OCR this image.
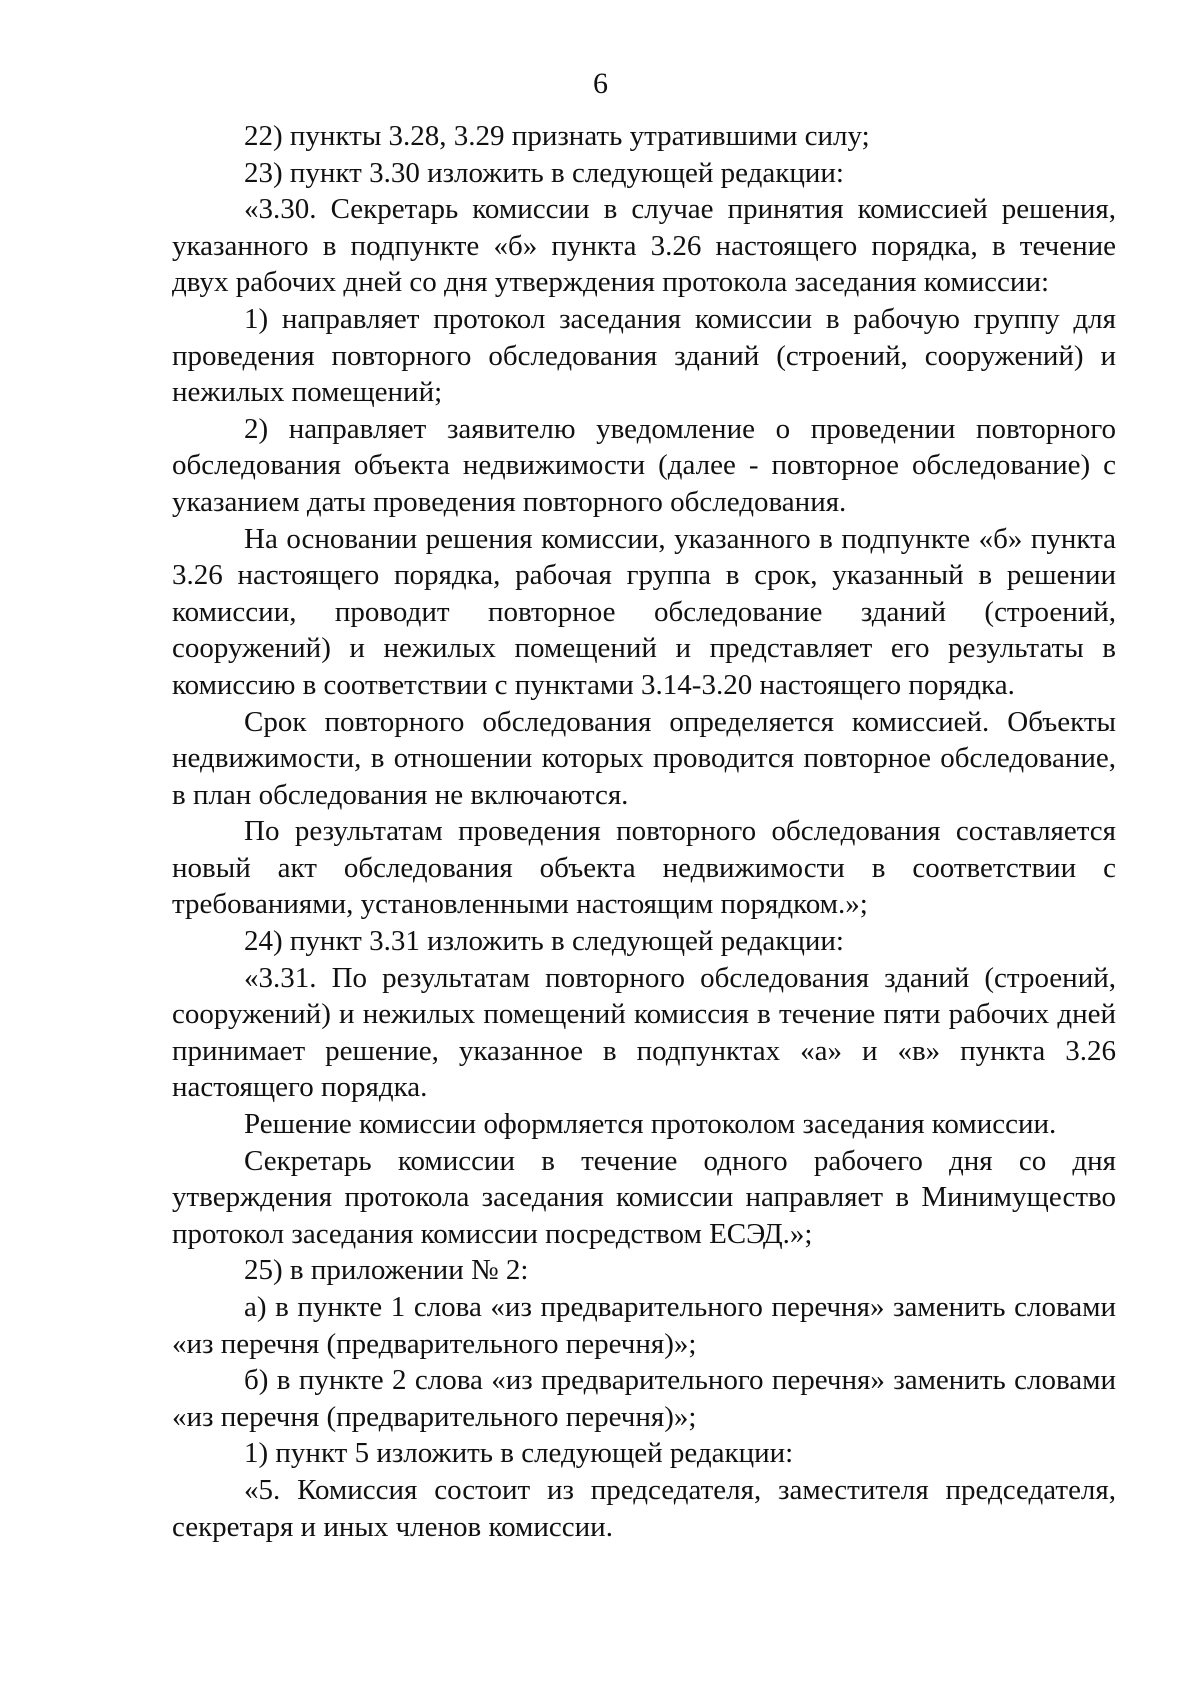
6

22) пункты 3.28, 3.29 признать утратившими силу;

23) пункт 3.30 изложить в следующей редакции:

«3.30. Секретарь комиссии в случае принятия комиссией решения, указанного в подпункте «б» пункта 3.26 настоящего порядка, в течение двух рабочих дней со дня утверждения протокола заседания комиссии:

1) направляет протокол заседания комиссии в рабочую группу для проведения повторного обследования зданий (строений, сооружений) и нежилых помещений;

2) направляет заявителю уведомление о проведении повторного обследования объекта недвижимости (далее - повторное обследование) с указанием даты проведения повторного обследования.

На основании решения комиссии, указанного в подпункте «б» пункта 3.26 настоящего порядка, рабочая группа в срок, указанный в решении комиссии, проводит повторное обследование зданий (строений, сооружений) и нежилых помещений и представляет его результаты в комиссию в соответствии с пунктами 3.14-3.20 настоящего порядка.

Срок повторного обследования определяется комиссией. Объекты недвижимости, в отношении которых проводится повторное обследование, в план обследования не включаются.

По результатам проведения повторного обследования составляется новый акт обследования объекта недвижимости в соответствии с требованиями, установленными настоящим порядком.»;

24) пункт 3.31 изложить в следующей редакции:

«3.31. По результатам повторного обследования зданий (строений, сооружений) и нежилых помещений комиссия в течение пяти рабочих дней принимает решение, указанное в подпунктах «а» и «в» пункта 3.26 настоящего порядка.

Решение комиссии оформляется протоколом заседания комиссии.

Секретарь комиссии в течение одного рабочего дня со дня утверждения протокола заседания комиссии направляет в Минимущество протокол заседания комиссии посредством ЕСЭД.»;

25) в приложении № 2:

а) в пункте 1 слова «из предварительного перечня» заменить словами «из перечня (предварительного перечня)»;

б) в пункте 2 слова «из предварительного перечня» заменить словами «из перечня (предварительного перечня)»;

1) пункт 5 изложить в следующей редакции:

«5. Комиссия состоит из председателя, заместителя председателя, секретаря и иных членов комиссии.
